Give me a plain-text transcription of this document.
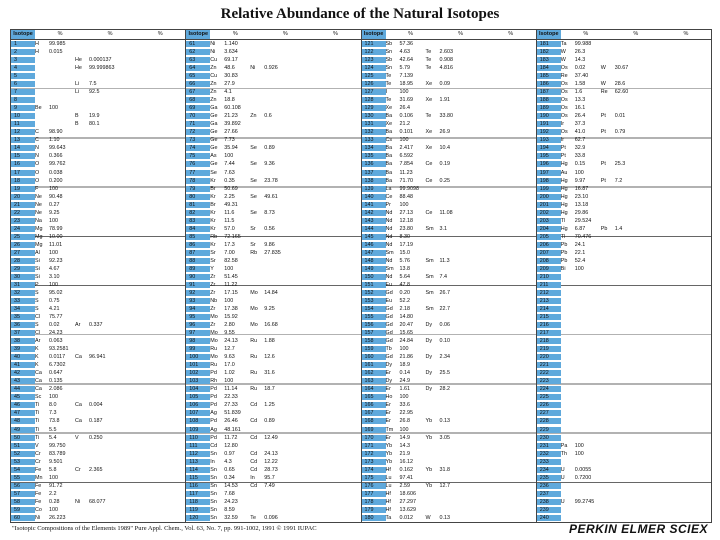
Relative Abundance of the Natural Isotopes
Isotope	%	%	%
1	H	99.985
2	H	0.015
3	He	0.000137
4	He	99.999863
5
6	Li	7.5
7	Li	92.5
8
9	Be	100
10	B	19.9
11	B	80.1
12	C	98.90
13	C	1.10
14	N	99.643
15	N	0.366
16	O	99.762
17	O	0.038
18	O	0.200
19	F	100
20	Ne	90.48
21	Ne	0.27
22	Ne	9.25
23	Na	100
24	Mg	78.99
25	Mg	10.00
26	Mg	11.01
27	Al	100
28	Si	92.23
29	Si	4.67
30	Si	3.10
31	P	100
32	S	95.02
33	S	0.75
34	S	4.21
35	Cl	75.77
36	S	0.02	Ar	0.337
37	Cl	24.23
38	Ar	0.063
39	K	93.2581
40	K	0.0117	Ca	96.941
41	K	6.7302
42	Ca	0.647
43	Ca	0.135
44	Ca	2.086
45	Sc	100
46	Ti	8.0	Ca	0.004
47	Ti	7.3
48	Ti	73.8	Ca	0.187
49	Ti	5.5
50	Ti	5.4	V	0.250
51	V	99.750
52	Cr	83.789
53	Cr	9.501
54	Fe	5.8	Cr	2.365
55	Mn	100
56	Fe	91.72
57	Fe	2.2
58	Fe	0.28	Ni	68.077
59	Co	100
60	Ni	26.223
Isotope	%	%	%
61	Ni	1.140
62	Ni	3.634
63	Cu	69.17
64	Zn	48.6	Ni	0.926
65	Cu	30.83
66	Zn	27.9
67	Zn	4.1
68	Zn	18.8
69	Ga	60.108
70	Ge	21.23	Zn	0.6
71	Ga	39.892
72	Ge	27.66
73	Ge	7.73
74	Ge	35.94	Se	0.89
75	As	100
76	Ge	7.44	Se	9.36
77	Se	7.63
78	Kr	0.35	Se	23.78
79	Br	50.69
80	Kr	2.25	Se	49.61
81	Br	49.31
82	Kr	11.6	Se	8.73
83	Kr	11.5
84	Kr	57.0	Sr	0.56
85	Rb	72.165
86	Kr	17.3	Sr	9.86
87	Sr	7.00	Rb	27.835
88	Sr	82.58
89	Y	100
90	Zr	51.45
91	Zr	11.22
92	Zr	17.15	Mo	14.84
93	Nb	100
94	Zr	17.38	Mo	9.25
95	Mo	15.92
96	Zr	2.80	Mo	16.68
97	Mo	9.55
98	Mo	24.13	Ru	1.88
99	Ru	12.7
100	Mo	9.63	Ru	12.6
101	Ru	17.0
102	Pd	1.02	Ru	31.6
103	Rh	100
104	Pd	11.14	Ru	18.7
105	Pd	22.33
106	Pd	27.33	Cd	1.25
107	Ag	51.839
108	Pd	26.46	Cd	0.89
109	Ag	48.161
110	Pd	11.72	Cd	12.49
111	Cd	12.80
112	Sn	0.97	Cd	24.13
113	In	4.3	Cd	12.22
114	Sn	0.65	Cd	28.73
115	Sn	0.34	In	95.7
116	Sn	14.53	Cd	7.49
117	Sn	7.68
118	Sn	24.23
119	Sn	8.59
120	Sn	32.59	Te	0.096
Isotope	%	%	%
121	Sb	57.36
122	Sn	4.63	Te	2.603
123	Sb	42.64	Te	0.908
124	Sn	5.79	Te	4.816
125	Te	7.139
126	Te	18.95	Xe	0.09
127	I	100
128	Te	31.69	Xe	1.91
129	Xe	26.4
130	Ba	0.106	Te	33.80
131	Xe	21.2
132	Ba	0.101	Xe	26.9
133	Cs	100
134	Ba	2.417	Xe	10.4
135	Ba	6.592
136	Ba	7.854	Ce	0.19
137	Ba	11.23
138	Ba	71.70	Ce	0.25
139	La	99.9098
140	Ce	88.48
141	Pr	100
142	Nd	27.13	Ce	11.08
143	Nd	12.18
144	Nd	23.80	Sm	3.1
145	Nd	8.30
146	Nd	17.19
147	Sm	15.0
148	Nd	5.76	Sm	11.3
149	Sm	13.8
150	Nd	5.64	Sm	7.4
151	Eu	47.8
152	Gd	0.20	Sm	26.7
153	Eu	52.2
154	Gd	2.18	Sm	22.7
155	Gd	14.80
156	Gd	20.47	Dy	0.06
157	Gd	15.65
158	Gd	24.84	Dy	0.10
159	Tb	100
160	Gd	21.86	Dy	2.34
161	Dy	18.9
162	Er	0.14	Dy	25.5
163	Dy	24.9
164	Er	1.61	Dy	28.2
165	Ho	100
166	Er	33.6
167	Er	22.95
168	Er	26.8	Yb	0.13
169	Tm	100
170	Er	14.9	Yb	3.05
171	Yb	14.3
172	Yb	21.9
173	Yb	16.12
174	Hf	0.162	Yb	31.8
175	Lu	97.41
176	Lu	2.59	Yb	12.7
177	Hf	18.606
178	Hf	27.297
179	Hf	13.629
180	Ta	0.012	W	0.13
Isotope	%	%	%
181	Ta	99.988
182	W	26.3
183	W	14.3
184	Os	0.02	W	30.67
185	Re	37.40
186	Os	1.58	W	28.6
187	Os	1.6	Re	62.60
188	Os	13.3
189	Os	16.1
190	Os	26.4	Pt	0.01
191	Ir	37.3
192	Os	41.0	Pt	0.79
193	Ir	62.7
194	Pt	32.9
195	Pt	33.8
196	Hg	0.15	Pt	25.3
197	Au	100
198	Hg	9.97	Pt	7.2
199	Hg	16.87
200	Hg	23.10
201	Hg	13.18
202	Hg	29.86
203	Tl	29.524
204	Hg	6.87	Pb	1.4
205	Tl	70.476
206	Pb	24.1
207	Pb	22.1
208	Pb	52.4
209	Bi	100
210
211
212
213
214
215
216
217
218
219
220
221
222
223
224
225
226
227
228
229
230
231	Pa	100
232	Th	100
233
234	U	0.0055
235	U	0.7200
236
237
238	U	99.2745
239
240
"Isotopic Compositions of the Elements 1989" Pure Appl. Chem., Vol. 63, No. 7, pp. 991-1002, 1991 © 1991 IUPAC	PERKIN ELMER SCIEX
